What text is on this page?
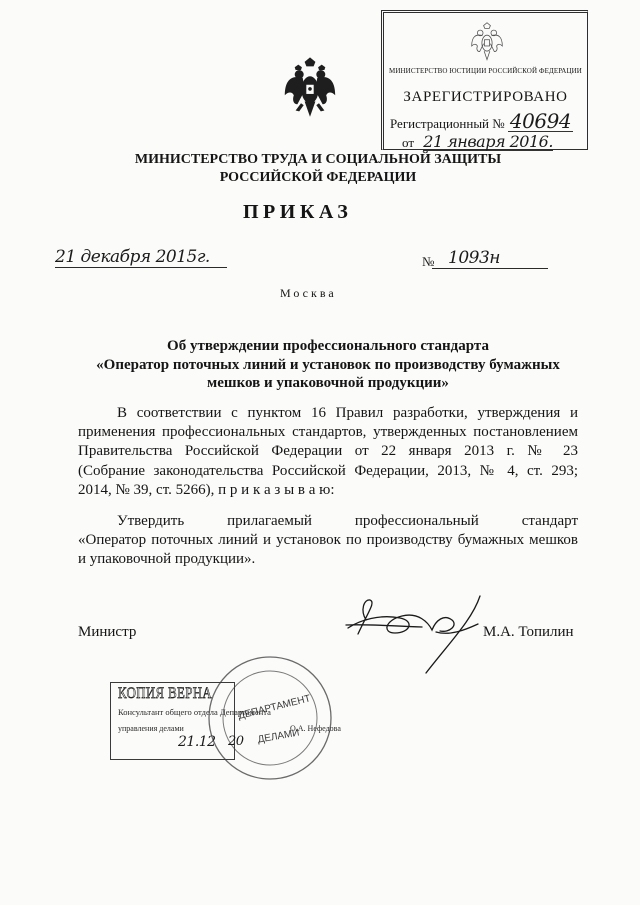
МИНИСТЕРСТВО ЮСТИЦИИ РОССИЙСКОЙ ФЕДЕРАЦИИ
ЗАРЕГИСТРИРОВАНО
Регистрационный № 40694
от 21 января 2016.
МИНИСТЕРСТВО ТРУДА И СОЦИАЛЬНОЙ ЗАЩИТЫ
РОССИЙСКОЙ ФЕДЕРАЦИИ
ПРИКАЗ
21 декабря 2015г.	№ 1093н
Москва
Об утверждении профессионального стандарта
«Оператор поточных линий и установок по производству бумажных
мешков и упаковочной продукции»
В соответствии с пунктом 16 Правил разработки, утверждения и
применения профессиональных стандартов, утвержденных постановлением
Правительства Российской Федерации от 22 января 2013 г. № 23
(Собрание законодательства Российской Федерации, 2013, № 4, ст. 293;
2014, № 39, ст. 5266), п р и к а з ы в а ю:
Утвердить прилагаемый профессиональный стандарт
«Оператор поточных линий и установок по производству бумажных мешков
и упаковочной продукции».
Министр	М.А. Топилин
ДЕПАРТАМЕНТ
ДЕЛАМИ
КОПИЯ ВЕРНА
Консультант общего отдела Департамента
управления делами	О.А. Нефедова
21.12 20
